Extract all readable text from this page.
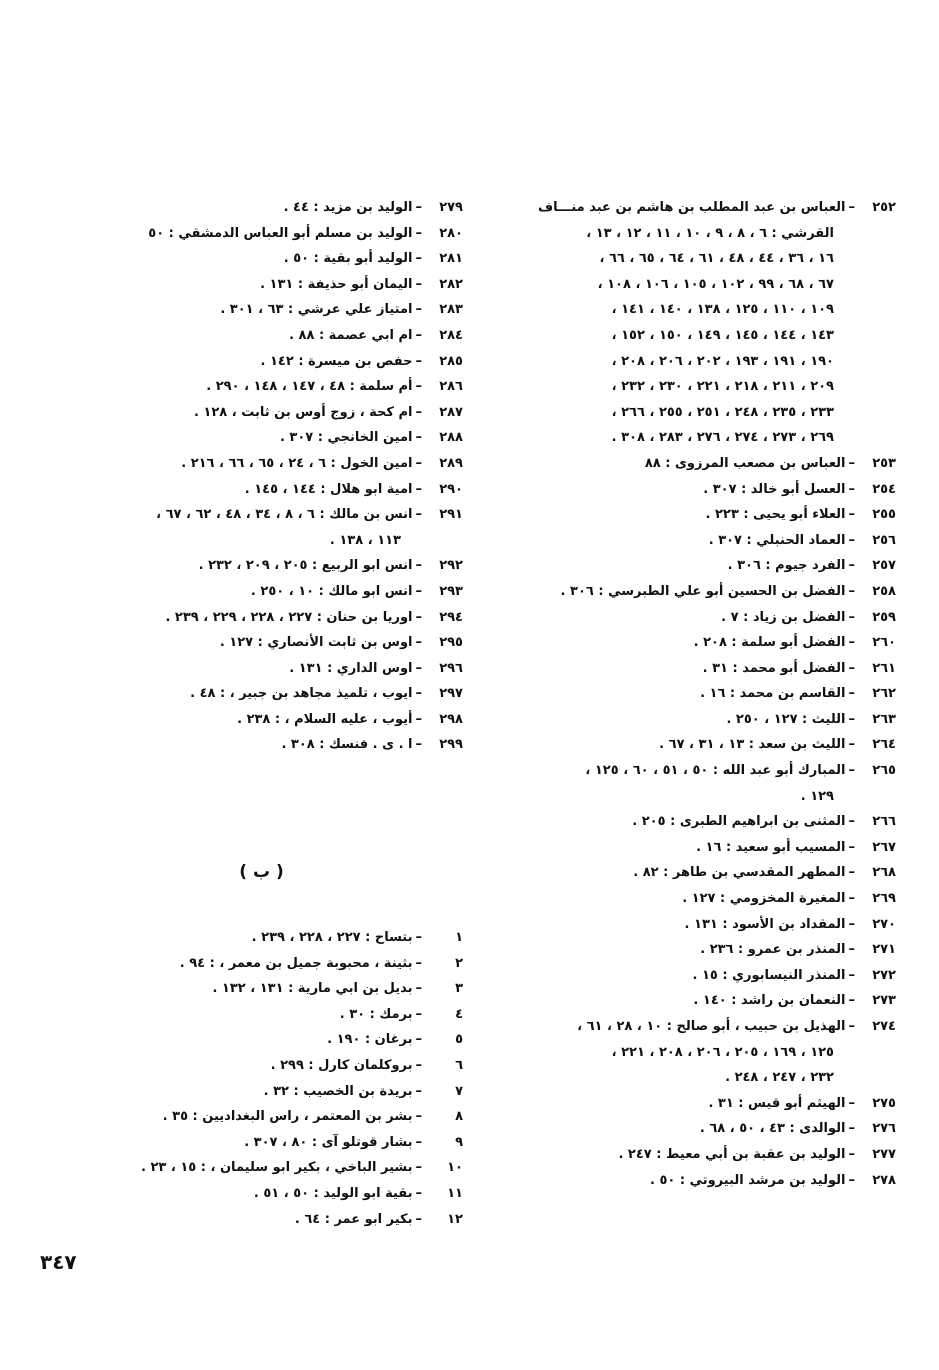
٢٥٢–العباس بن عبد المطلب بن هاشم بن عبد منـــاف
القرشي : ٦ ، ٨ ، ٩ ، ١٠ ، ١١ ، ١٢ ، ١٣ ،
١٦ ، ٣٦ ، ٤٤ ، ٤٨ ، ٦١ ، ٦٤ ، ٦٥ ، ٦٦ ،
٦٧ ، ٦٨ ، ٩٩ ، ١٠٢ ، ١٠٥ ، ١٠٦ ، ١٠٨ ،
١٠٩ ، ١١٠ ، ١٢٥ ، ١٣٨ ، ١٤٠ ، ١٤١ ،
١٤٣ ، ١٤٤ ، ١٤٥ ، ١٤٩ ، ١٥٠ ، ١٥٢ ،
١٩٠ ، ١٩١ ، ١٩٣ ، ٢٠٢ ، ٢٠٦ ، ٢٠٨ ،
٢٠٩ ، ٢١١ ، ٢١٨ ، ٢٢١ ، ٢٣٠ ، ٢٣٢ ،
٢٣٣ ، ٢٣٥ ، ٢٤٨ ، ٢٥١ ، ٢٥٥ ، ٢٦٦ ،
٢٦٩ ، ٢٧٣ ، ٢٧٤ ، ٢٧٦ ، ٢٨٣ ، ٣٠٨ .
٢٥٣–العباس بن مصعب المرزوى : ٨٨
٢٥٤–العسل أبو خالد : ٣٠٧ .
٢٥٥–العلاء أبو يحيى : ٢٢٣ .
٢٥٦–العماد الحنبلي : ٣٠٧ .
٢٥٧–الفرد جيوم : ٣٠٦ .
٢٥٨–الفضل بن الحسين أبو علي الطبرسي : ٣٠٦ .
٢٥٩–الفضل بن زياد : ٧ .
٢٦٠–الفضل أبو سلمة : ٢٠٨ .
٢٦١–الفضل أبو محمد : ٣١ .
٢٦٢–القاسم بن محمد : ١٦ .
٢٦٣–الليث : ١٢٧ ، ٢٥٠ .
٢٦٤–الليث بن سعد : ١٣ ، ٣١ ، ٦٧ .
٢٦٥–المبارك أبو عبد الله : ٥٠ ، ٥١ ، ٦٠ ، ١٢٥ ،
١٢٩ .
٢٦٦–المثنى بن ابراهيم الطبرى : ٢٠٥ .
٢٦٧–المسيب أبو سعيد : ١٦ .
٢٦٨–المطهر المقدسي بن طاهر : ٨٢ .
٢٦٩–المغيرة المخزومي : ١٢٧ .
٢٧٠–المقداد بن الأسود : ١٣١ .
٢٧١–المنذر بن عمرو : ٢٣٦ .
٢٧٢–المنذر النيسابوري : ١٥ .
٢٧٣–النعمان بن راشد : ١٤٠ .
٢٧٤–الهذيل بن حبيب ، أبو صالح : ١٠ ، ٢٨ ، ٦١ ،
١٢٥ ، ١٦٩ ، ٢٠٥ ، ٢٠٦ ، ٢٠٨ ، ٢٢١ ،
٢٣٢ ، ٢٤٧ ، ٢٤٨ .
٢٧٥–الهيثم أبو قيس : ٣١ .
٢٧٦–الوالدى : ٤٣ ، ٥٠ ، ٦٨ .
٢٧٧–الوليد بن عقبة بن أبي معيط : ٢٤٧ .
٢٧٨–الوليد بن مرشد البيروتي : ٥٠ .
٢٧٩–الوليد بن مزيد : ٤٤ .
٢٨٠–الوليد بن مسلم أبو العباس الدمشقي : ٥٠
٢٨١–الوليد أبو بقية : ٥٠ .
٢٨٢–اليمان أبو حذيفة : ١٣١ .
٢٨٣–امتياز علي عرشي : ٦٣ ، ٣٠١ .
٢٨٤–ام ابي عصمة : ٨٨ .
٢٨٥–حفص بن ميسرة : ١٤٢ .
٢٨٦–أم سلمة : ٤٨ ، ١٤٧ ، ١٤٨ ، ٢٩٠ .
٢٨٧–ام كحة ، زوج أوس بن ثابت ، ١٢٨ .
٢٨٨–امين الخانجي : ٣٠٧ .
٢٨٩–امين الخول : ٦ ، ٢٤ ، ٦٥ ، ٦٦ ، ٢١٦ .
٢٩٠–امية ابو هلال : ١٤٤ ، ١٤٥ .
٢٩١–انس بن مالك : ٦ ، ٨ ، ٣٤ ، ٤٨ ، ٦٢ ، ٦٧ ،
١١٣ ، ١٣٨ .
٢٩٢–انس ابو الربيع : ٢٠٥ ، ٢٠٩ ، ٢٣٢ .
٢٩٣–انس ابو مالك : ١٠ ، ٢٥٠ .
٢٩٤–اوريا بن حنان : ٢٢٧ ، ٢٢٨ ، ٢٢٩ ، ٢٣٩ .
٢٩٥–اوس بن ثابت الأنصاري : ١٢٧ .
٢٩٦–اوس الداري : ١٣١ .
٢٩٧–ايوب ، تلميذ مجاهد بن جبير ، : ٤٨ .
٢٩٨–أيوب ، عليه السلام ، : ٢٣٨ .
٢٩٩–ا . ى . فنسك : ٣٠٨ .
( ب )
١–بتساح : ٢٢٧ ، ٢٢٨ ، ٢٣٩ .
٢–بثينة ، محبوبة جميل بن معمر ، : ٩٤ .
٣–بديل بن ابي مارية : ١٣١ ، ١٣٢ .
٤–برمك : ٣٠ .
٥–برغان : ١٩٠ .
٦–بروكلمان كارل : ٢٩٩ .
٧–بريدة بن الخصيب : ٣٢ .
٨–بشر بن المعتمر ، راس البغداديين : ٣٥ .
٩–بشار قوتلو آى : ٨٠ ، ٣٠٧ .
١٠–بشير الباخي ، بكير ابو سليمان ، : ١٥ ، ٢٣ .
١١–بقية ابو الوليد : ٥٠ ، ٥١ .
١٢–بكير ابو عمر : ٦٤ .
٣٤٧
